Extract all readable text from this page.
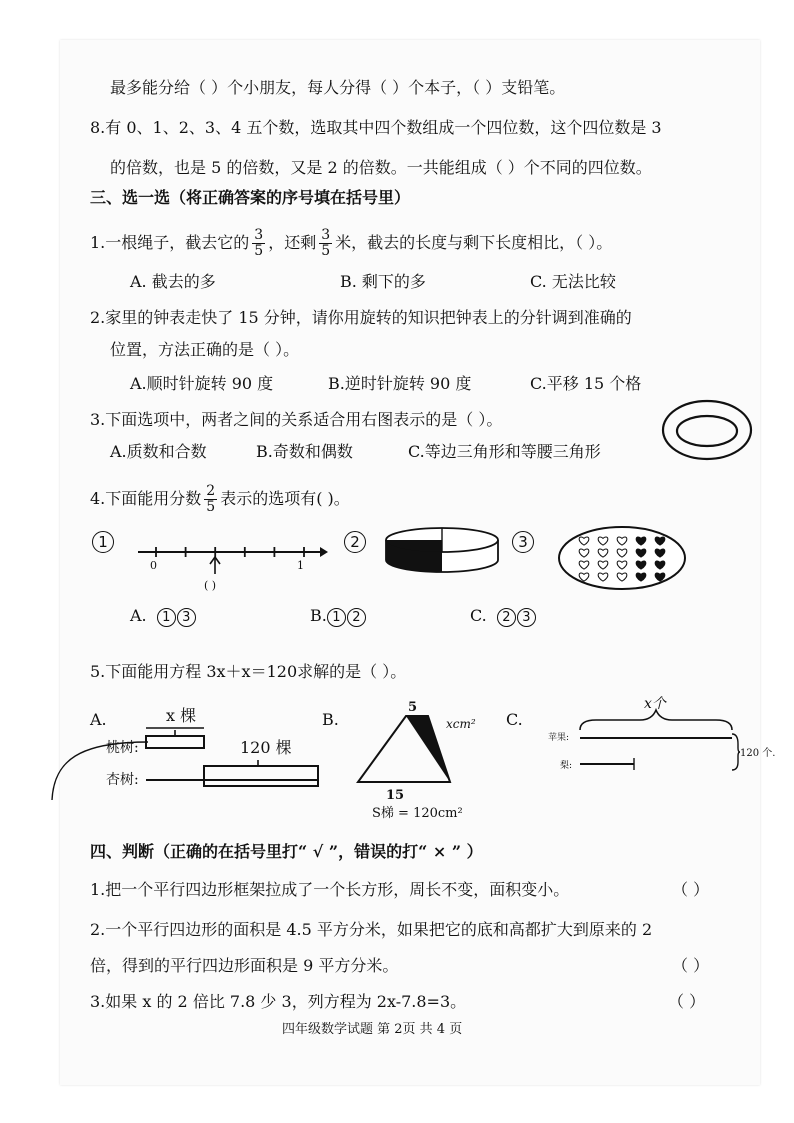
最多能分给（ ）个小朋友，每人分得（ ）个本子，（ ）支铅笔。
8.有 0、1、2、3、4 五个数，选取其中四个数组成一个四位数，这个四位数是 3
的倍数，也是 5 的倍数，又是 2 的倍数。一共能组成（ ）个不同的四位数。
三、选一选（将正确答案的序号填在括号里）
1.一根绳子，截去它的 $\frac{3}{5}$ ，还剩 $\frac{3}{5}$ 米，截去的长度与剩下长度相比，（ ）。
A. 截去的多	B. 剩下的多	C. 无法比较
2.家里的钟表走快了 15 分钟，请你用旋转的知识把钟表上的分针调到准确的
位置，方法正确的是（ ）。
A.顺时针旋转 90 度	B.逆时针旋转 90 度	C.平移 15 个格
3.下面选项中，两者之间的关系适合用右图表示的是（ ）。
A.质数和合数	B.奇数和偶数	C.等边三角形和等腰三角形
4.下面能用分数 $\frac{2}{5}$ 表示的选项有( )。
1
0	1
( )
2	3
A. 1 3	B. 1 2	C. 2 3
5.下面能用方程 3x＋x＝120求解的是（ ）。
A.	x 棵
桃树:	120 棵
杏树:
B.
5
xcm²
15
S梯 = 120cm²
C.
x个
苹果:
梨:
120 个.
四、判断（正确的在括号里打“ √ ”，错误的打“ × ” ）
1.把一个平行四边形框架拉成了一个长方形，周长不变，面积变小。	（ ）
2.一个平行四边形的面积是 4.5 平方分米，如果把它的底和高都扩大到原来的 2
倍，得到的平行四边形面积是 9 平方分米。	（ ）
3.如果 x 的 2 倍比 7.8 少 3，列方程为 2x-7.8=3。	（ ）
四年级数学试题 第 2页 共 4 页
